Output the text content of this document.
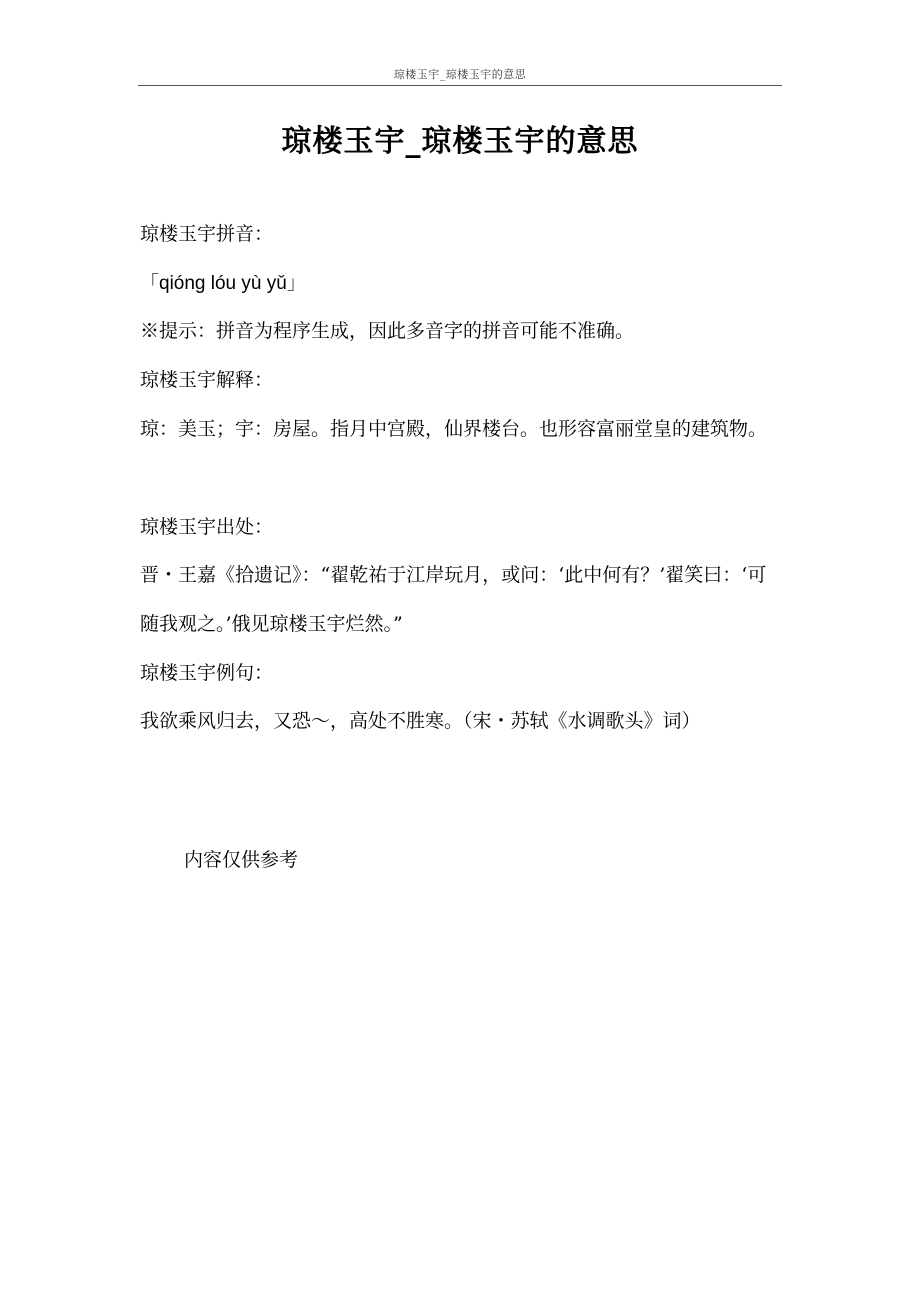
琼楼玉宇_琼楼玉宇的意思
琼楼玉宇_琼楼玉宇的意思

琼楼玉宇拼音：

「qióng lóu yù yǔ」

※提示：拼音为程序生成，因此多音字的拼音可能不准确。

琼楼玉宇解释：

琼：美玉；宇：房屋。指月中宫殿，仙界楼台。也形容富丽堂皇的建筑物。

琼楼玉宇出处：

晋・王嘉《拾遗记》：“翟乾祐于江岸玩月，或问：‘此中何有？’翟笑曰：‘可随我观之。’俄见琼楼玉宇烂然。”

琼楼玉宇例句：

我欲乘风归去，又恐～，高处不胜寒。（宋・苏轼《水调歌头》词）

内容仅供参考
